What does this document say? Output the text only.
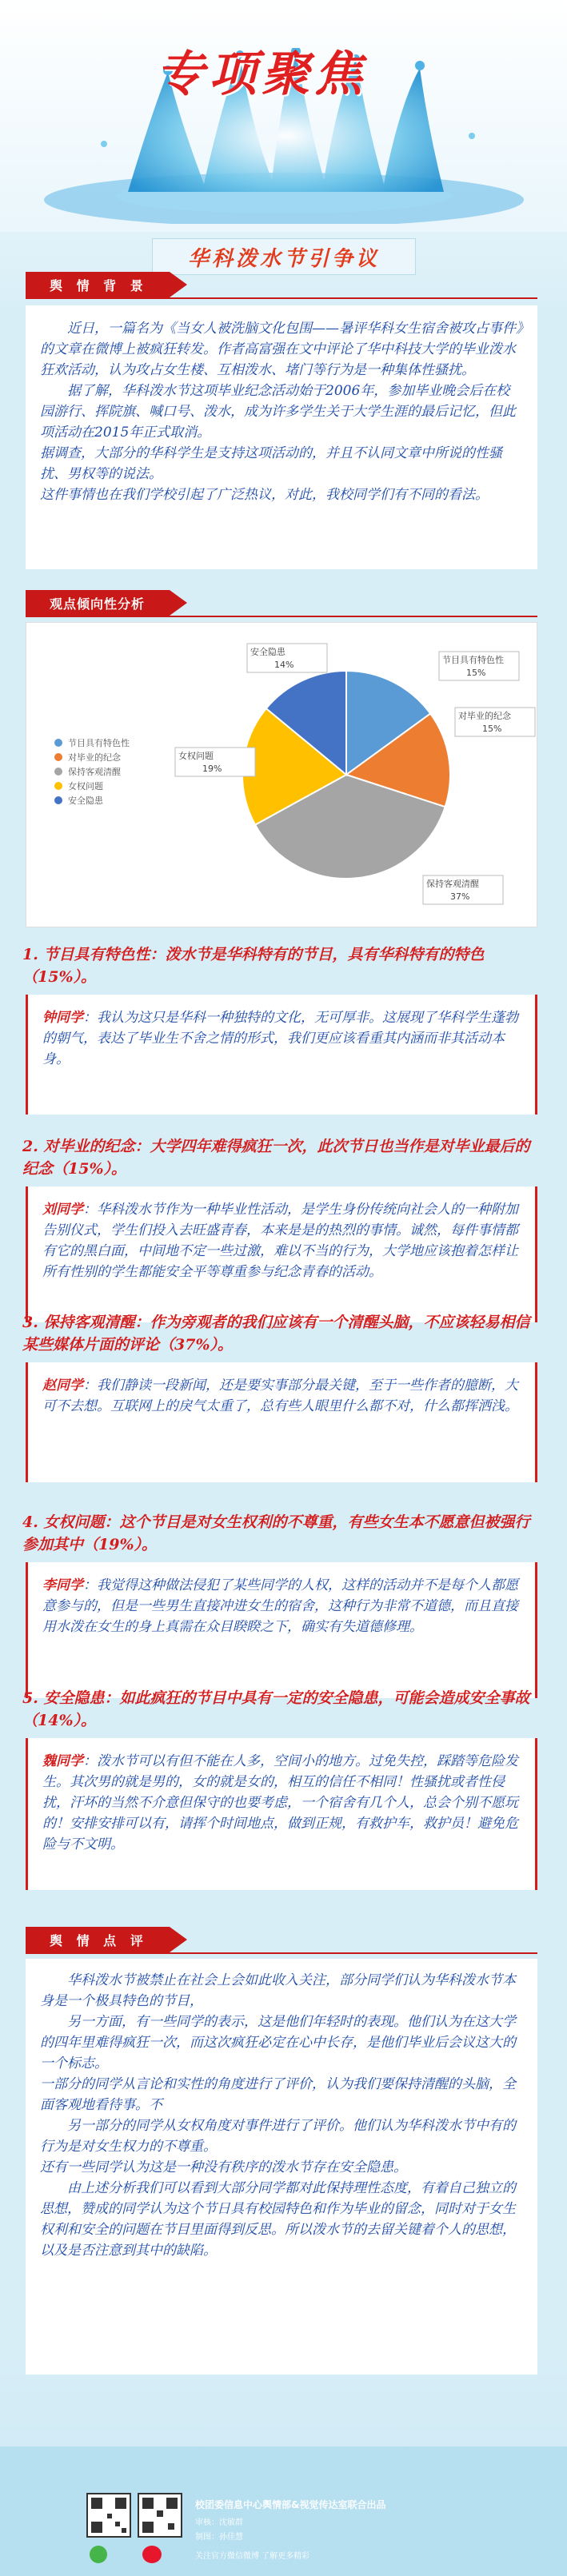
专项聚焦
华科泼水节引争议
舆 情 背 景

近日，一篇名为《当女人被洗脑文化包围——暑评华科女生宿舍被攻占事件》的文章在微博上被疯狂转发。作者高富强在文中评论了华中科技大学的毕业泼水狂欢活动，认为攻占女生楼、互相泼水、堵门等行为是一种集体性骚扰。

据了解，华科泼水节这项毕业纪念活动始于2006年，参加毕业晚会后在校园游行、挥院旗、喊口号、泼水，成为许多学生关于大学生涯的最后记忆，但此项活动在2015年正式取消。

据调查，大部分的华科学生是支持这项活动的，并且不认同文章中所说的性骚扰、男权等的说法。

这件事情也在我们学校引起了广泛热议，对此，我校同学们有不同的看法。

观点倾向性分析
节目具有特色性
15%
对毕业的纪念
15%
保持客观清醒
37%
女权问题
19%
安全隐患
14%
节目具有特色性
对毕业的纪念
保持客观清醒
女权问题
安全隐患
1. 节目具有特色性：泼水节是华科特有的节目，具有华科特有的特色（15%）。
钟同学：我认为这只是华科一种独特的文化，无可厚非。这展现了华科学生蓬勃的朝气，表达了毕业生不舍之情的形式，我们更应该看重其内涵而非其活动本身。
2. 对毕业的纪念：大学四年难得疯狂一次，此次节日也当作是对毕业最后的纪念（15%）。
刘同学：华科泼水节作为一种毕业性活动，是学生身份传统向社会人的一种附加告别仪式，学生们投入去旺盛青春，本来是是的热烈的事情。诚然，每件事情都有它的黑白面，中间地不定一些过激，难以不当的行为，大学地应该抱着怎样让所有性别的学生都能安全平等尊重参与纪念青春的活动。
3. 保持客观清醒：作为旁观者的我们应该有一个清醒头脑，不应该轻易相信某些媒体片面的评论（37%）。
赵同学：我们静读一段新闻，还是要实事部分最关键，至于一些作者的臆断，大可不去想。互联网上的戾气太重了，总有些人眼里什么都不对，什么都挥洒浅。
4. 女权问题：这个节目是对女生权利的不尊重，有些女生本不愿意但被强行参加其中（19%）。
李同学：我觉得这种做法侵犯了某些同学的人权，这样的活动并不是每个人都愿意参与的，但是一些男生直接冲进女生的宿舍，这种行为非常不道德，而且直接用水泼在女生的身上真需在众目睽睽之下，确实有失道德修理。
5. 安全隐患：如此疯狂的节目中具有一定的安全隐患，可能会造成安全事故（14%）。
魏同学：泼水节可以有但不能在人多，空间小的地方。过免失控，踩踏等危险发生。其次男的就是男的，女的就是女的，相互的信任不相同！性骚扰或者性侵扰，汗坏的当然不介意但保守的也要考虑，一个宿舍有几个人，总会个别不愿玩的！安排安排可以有，请挥个时间地点，做到正规，有救护车，救护员！避免危险与不文明。
舆 情 点 评

华科泼水节被禁止在社会上会如此收入关注，部分同学们认为华科泼水节本身是一个极具特色的节目，

另一方面，有一些同学的表示，这是他们年轻时的表现。他们认为在这大学的四年里难得疯狂一次，而这次疯狂必定在心中长存，是他们毕业后会议这大的一个标志。

一部分的同学从言论和实性的角度进行了评价，认为我们要保持清醒的头脑，全面客观地看待事。不

另一部分的同学从女权角度对事件进行了评价。他们认为华科泼水节中有的行为是对女生权力的不尊重。

还有一些同学认为这是一种没有秩序的泼水节存在安全隐患。

由上述分析我们可以看到大部分同学都对此保持理性态度，有着自己独立的思想，赞成的同学认为这个节日具有校园特色和作为毕业的留念，同时对于女生权利和安全的问题在节目里面得到反思。所以泼水节的去留关键着个人的思想，以及是否注意到其中的缺陷。

校团委信息中心舆情部&视觉传达室联合出品
审核：沈敏群
制图：孙佳慧
关注官方微信微博 了解更多精彩
